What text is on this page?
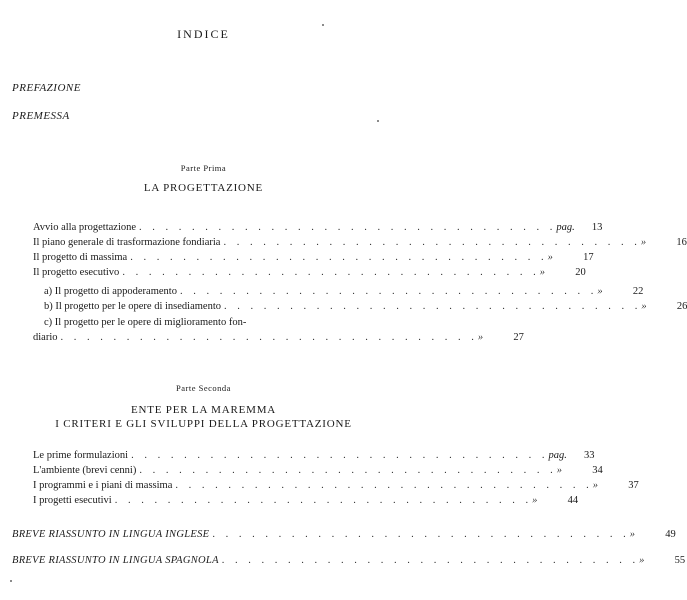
INDICE
PREFAZIONE
PREMESSA
Parte Prima
LA PROGETTAZIONE
Avvio alla progettazione . . . . . . . . . . . . . . . . . . . . . . . . . . . . . . . . pag.	13
Il piano generale di trasformazione fondiaria . . . . . . . . . . . . . . . . . . . . . . . . . . . . . . . . »	16
Il progetto di massima . . . . . . . . . . . . . . . . . . . . . . . . . . . . . . . . »	17
Il progetto esecutivo . . . . . . . . . . . . . . . . . . . . . . . . . . . . . . . . »	20
a) Il progetto di appoderamento . . . . . . . . . . . . . . . . . . . . . . . . . . . . . . . . »	22
b) Il progetto per le opere di insediamento . . . . . . . . . . . . . . . . . . . . . . . . . . . . . . . . »	26
c) Il progetto per le opere di miglioramento fon-
diario . . . . . . . . . . . . . . . . . . . . . . . . . . . . . . . . »	27
Parte Seconda
ENTE PER LA MAREMMA
I CRITERI E GLI SVILUPPI DELLA PROGETTAZIONE
Le prime formulazioni . . . . . . . . . . . . . . . . . . . . . . . . . . . . . . . . pag.	33
L'ambiente (brevi cenni) . . . . . . . . . . . . . . . . . . . . . . . . . . . . . . . . »	34
I programmi e i piani di massima . . . . . . . . . . . . . . . . . . . . . . . . . . . . . . . . »	37
I progetti esecutivi . . . . . . . . . . . . . . . . . . . . . . . . . . . . . . . . »	44
BREVE RIASSUNTO IN LINGUA INGLESE . . . . . . . . . . . . . . . . . . . . . . . . . . . . . . . . »	49
BREVE RIASSUNTO IN LINGUA SPAGNOLA . . . . . . . . . . . . . . . . . . . . . . . . . . . . . . . . »	55
